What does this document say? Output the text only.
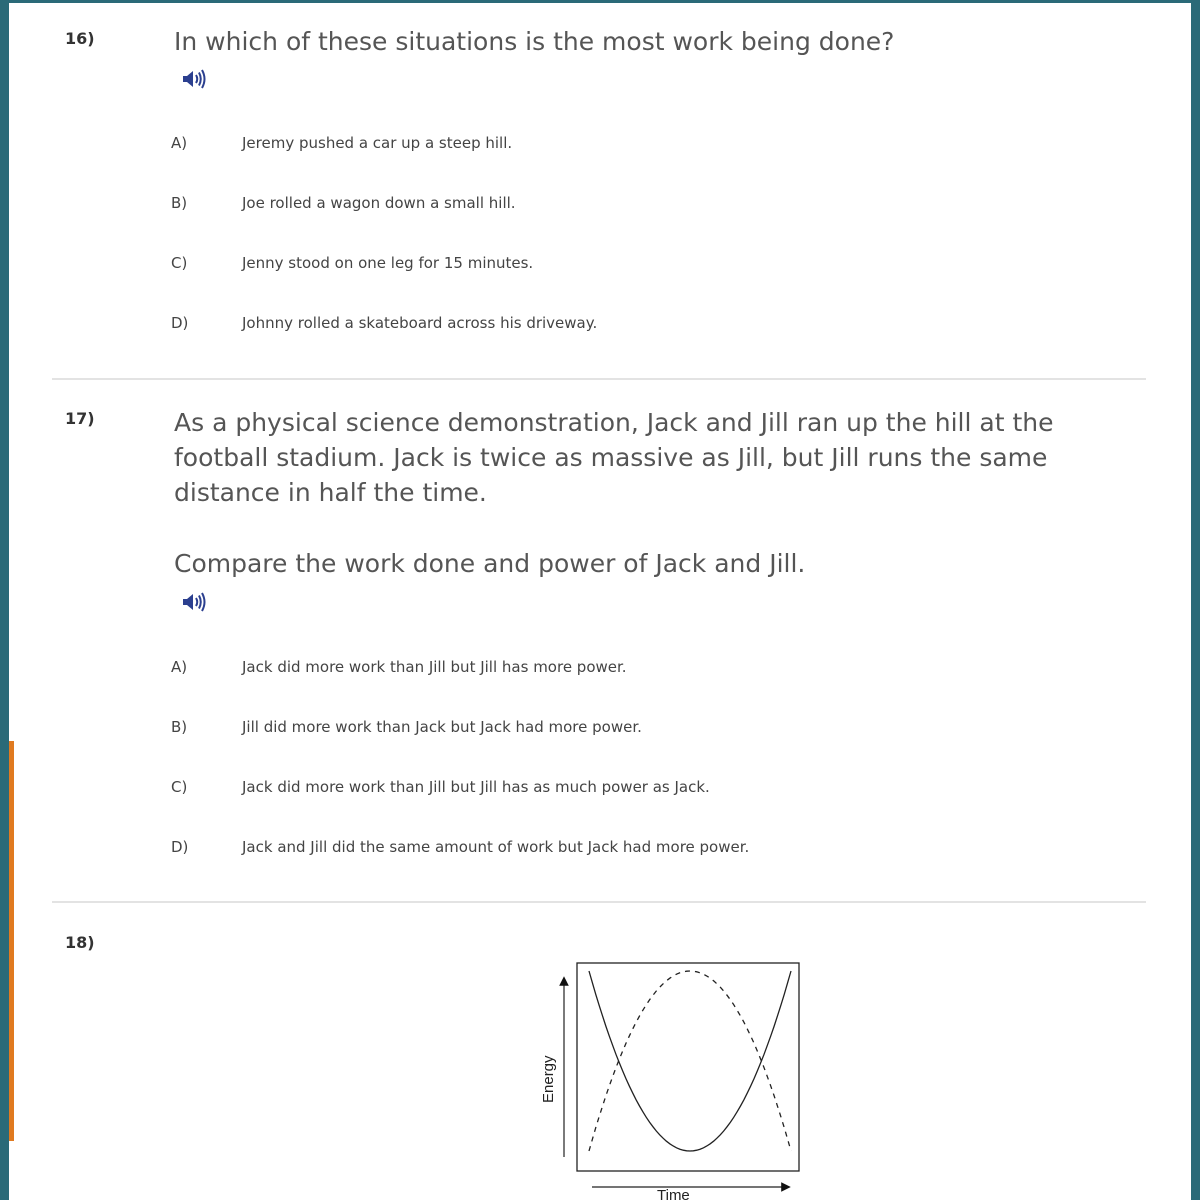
16)	In which of these situations is the most work being done?
A)	Jeremy pushed a car up a steep hill.
B)	Joe rolled a wagon down a small hill.
C)	Jenny stood on one leg for 15 minutes.
D)	Johnny rolled a skateboard across his driveway.
17)	As a physical science demonstration, Jack and Jill ran up the hill at the football stadium. Jack is twice as massive as Jill, but Jill runs the same distance in half the time.
Compare the work done and power of Jack and Jill.
A)	Jack did more work than Jill but Jill has more power.
B)	Jill did more work than Jack but Jack had more power.
C)	Jack did more work than Jill but Jill has as much power as Jack.
D)	Jack and Jill did the same amount of work but Jack had more power.
18)
Time
Energy
